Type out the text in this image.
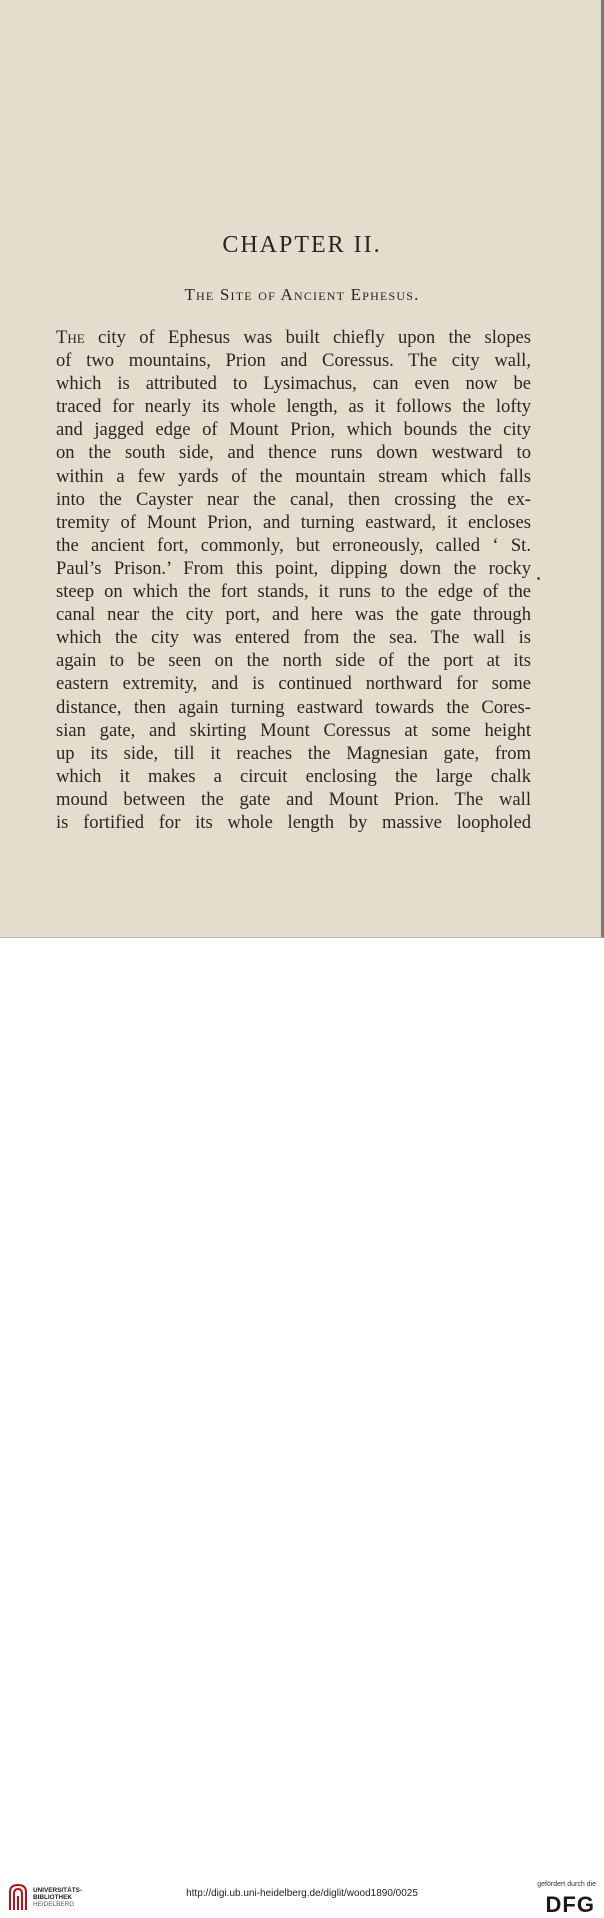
CHAPTER II.
The Site of Ancient Ephesus.
The city of Ephesus was built chiefly upon the slopes
of two mountains, Prion and Coressus. The city wall,
which is attributed to Lysimachus, can even now be
traced for nearly its whole length, as it follows the lofty
and jagged edge of Mount Prion, which bounds the city
on the south side, and thence runs down westward to
within a few yards of the mountain stream which falls
into the Cayster near the canal, then crossing the ex-
tremity of Mount Prion, and turning eastward, it encloses
the ancient fort, commonly, but erroneously, called ‘ St.
Paul’s Prison.’ From this point, dipping down the rocky
steep on which the fort stands, it runs to the edge of the
canal near the city port, and here was the gate through
which the city was entered from the sea. The wall is
again to be seen on the north side of the port at its
eastern extremity, and is continued northward for some
distance, then again turning eastward towards the Cores-
sian gate, and skirting Mount Coressus at some height
up its side, till it reaches the Magnesian gate, from
which it makes a circuit enclosing the large chalk
mound between the gate and Mount Prion. The wall
is fortified for its whole length by massive loopholed
UNIVERSITÄTS-
BIBLIOTHEK
HEIDELBERG
http://digi.ub.uni-heidelberg.de/diglit/wood1890/0025
gefördert durch die
DFG
